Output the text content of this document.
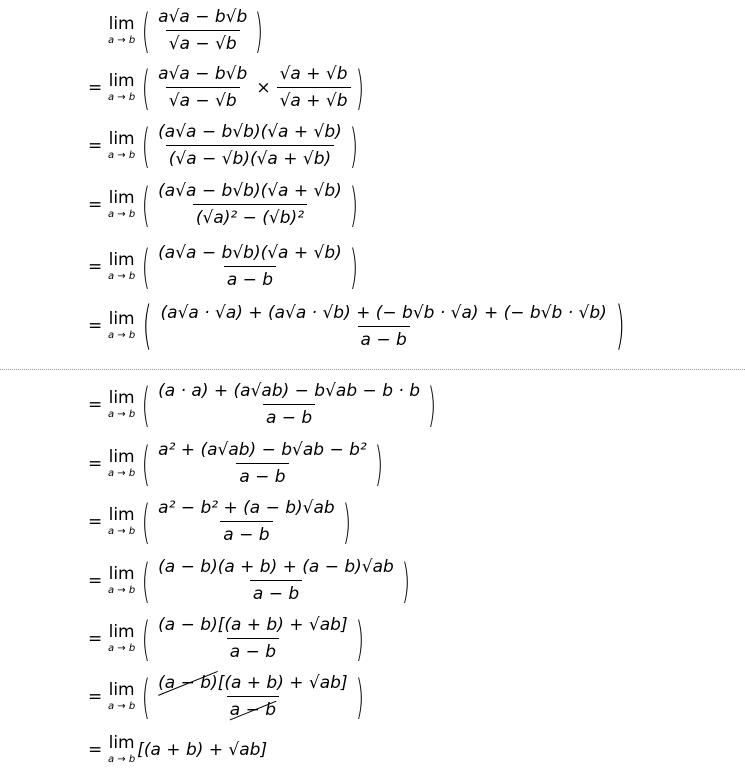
lim
a → b ( $\frac{a√a - b√b}{√a - √b}$ )
= lim
a → b ( $\frac{a√a - b√b}{√a - √b} \times \frac{√a + √b}{√a + √b}$ )
= lim
a → b ( $\frac{(a√a - b√b)(√a + √b)}{(√a - √b)(√a + √b)}$ )
= lim
a → b ( $\frac{(a√a - b√b)(√a + √b)}{\text{(√a)² − (√b)²}}$ )
= lim
a → b ( $\frac{(a√a - b√b)(√a + √b)}{a - b}$ )
= lim
a → b ( $\frac{(a√a \cdot √a) + (a√a \cdot √b) + (- b√b \cdot √a) + (- b√b \cdot √b)}{a - b}$ )
= lim
a → b ( $\frac{(a \cdot a) + (a√ab) - b√ab - b \cdot b}{a - b}$ )
= lim
a → b ( $\frac{\text{a² + (a√ab) − b√ab − b²}}{a - b}$ )
= lim
a → b ( $\frac{\text{a² − b² + (a − b)√ab}}{a - b}$ )
= lim
a → b ( $\frac{(a - b)(a + b) + (a - b)√ab}{a - b}$ )
= lim
a → b ( $\frac{(a - b)[(a + b) + √ab]}{a - b}$ )
= lim
a → b ( $\frac{(a - b)[(a + b) + √ab]}{a - b}$ )
= lim
a → b [(a + b) + √ab]
